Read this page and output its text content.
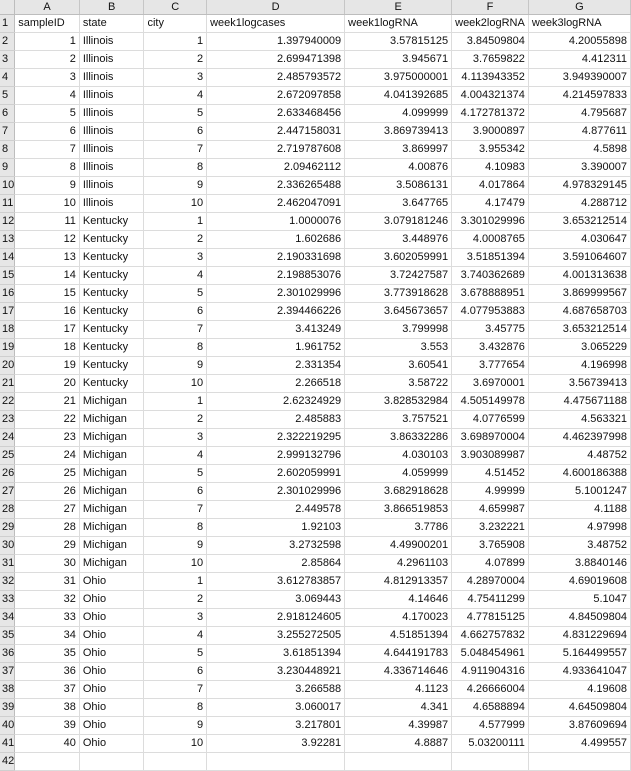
	A	B	C	D	E	F	G
1	sampleID	state	city	week1logcases	week1logRNA	week2logRNA	week3logRNA
2	1	Illinois	1	1.397940009	3.57815125	3.84509804	4.20055898
3	2	Illinois	2	2.699471398	3.945671	3.7659822	4.412311
4	3	Illinois	3	2.485793572	3.975000001	4.113943352	3.949390007
5	4	Illinois	4	2.672097858	4.041392685	4.004321374	4.214597833
6	5	Illinois	5	2.633468456	4.099999	4.172781372	4.795687
7	6	Illinois	6	2.447158031	3.869739413	3.9000897	4.877611
8	7	Illinois	7	2.719787608	3.869997	3.955342	4.5898
9	8	Illinois	8	2.09462112	4.00876	4.10983	3.390007
10	9	Illinois	9	2.336265488	3.5086131	4.017864	4.978329145
11	10	Illinois	10	2.462047091	3.647765	4.17479	4.288712
12	11	Kentucky	1	1.0000076	3.079181246	3.301029996	3.653212514
13	12	Kentucky	2	1.602686	3.448976	4.0008765	4.030647
14	13	Kentucky	3	2.190331698	3.602059991	3.51851394	3.591064607
15	14	Kentucky	4	2.198853076	3.72427587	3.740362689	4.001313638
16	15	Kentucky	5	2.301029996	3.773918628	3.678888951	3.869999567
17	16	Kentucky	6	2.394466226	3.645673657	4.077953883	4.687658703
18	17	Kentucky	7	3.413249	3.799998	3.45775	3.653212514
19	18	Kentucky	8	1.961752	3.553	3.432876	3.065229
20	19	Kentucky	9	2.331354	3.60541	3.777654	4.196998
21	20	Kentucky	10	2.266518	3.58722	3.6970001	3.56739413
22	21	Michigan	1	2.62324929	3.828532984	4.505149978	4.475671188
23	22	Michigan	2	2.485883	3.757521	4.0776599	4.563321
24	23	Michigan	3	2.322219295	3.86332286	3.698970004	4.462397998
25	24	Michigan	4	2.999132796	4.030103	3.903089987	4.48752
26	25	Michigan	5	2.602059991	4.059999	4.51452	4.600186388
27	26	Michigan	6	2.301029996	3.682918628	4.99999	5.1001247
28	27	Michigan	7	2.449578	3.866519853	4.659987	4.1188
29	28	Michigan	8	1.92103	3.7786	3.232221	4.97998
30	29	Michigan	9	3.2732598	4.49900201	3.765908	3.48752
31	30	Michigan	10	2.85864	4.2961103	4.07899	3.8840146
32	31	Ohio	1	3.612783857	4.812913357	4.28970004	4.69019608
33	32	Ohio	2	3.069443	4.14646	4.75411299	5.1047
34	33	Ohio	3	2.918124605	4.170023	4.77815125	4.84509804
35	34	Ohio	4	3.255272505	4.51851394	4.662757832	4.831229694
36	35	Ohio	5	3.61851394	4.644191783	5.048454961	5.164499557
37	36	Ohio	6	3.230448921	4.336714646	4.911904316	4.933641047
38	37	Ohio	7	3.266588	4.1123	4.26666004	4.19608
39	38	Ohio	8	3.060017	4.341	4.6588894	4.64509804
40	39	Ohio	9	3.217801	4.39987	4.577999	3.87609694
41	40	Ohio	10	3.92281	4.8887	5.03200111	4.499557
42							
